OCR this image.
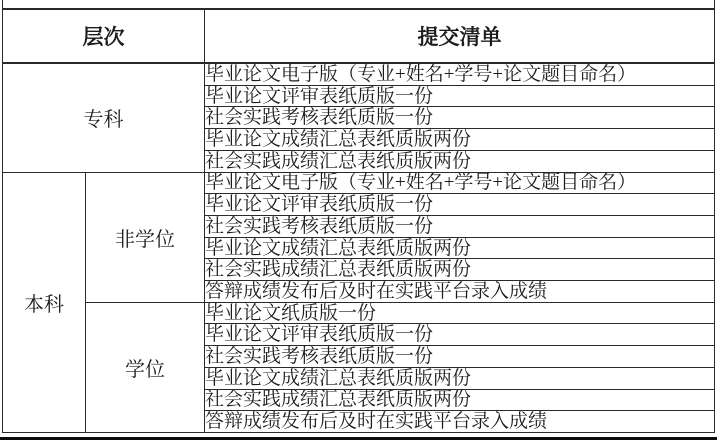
层次		提交清单
专科		毕业论文电子版（专业+姓名+学号+论文题目命名）
		毕业论文评审表纸质版一份
		社会实践考核表纸质版一份
		毕业论文成绩汇总表纸质版两份
		社会实践成绩汇总表纸质版两份
本科	非学位	毕业论文电子版（专业+姓名+学号+论文题目命名）
		毕业论文评审表纸质版一份
		社会实践考核表纸质版一份
		毕业论文成绩汇总表纸质版两份
		社会实践成绩汇总表纸质版两份
		答辩成绩发布后及时在实践平台录入成绩
	学位	毕业论文纸质版一份
		毕业论文评审表纸质版一份
		社会实践考核表纸质版一份
		毕业论文成绩汇总表纸质版两份
		社会实践成绩汇总表纸质版两份
		答辩成绩发布后及时在实践平台录入成绩
